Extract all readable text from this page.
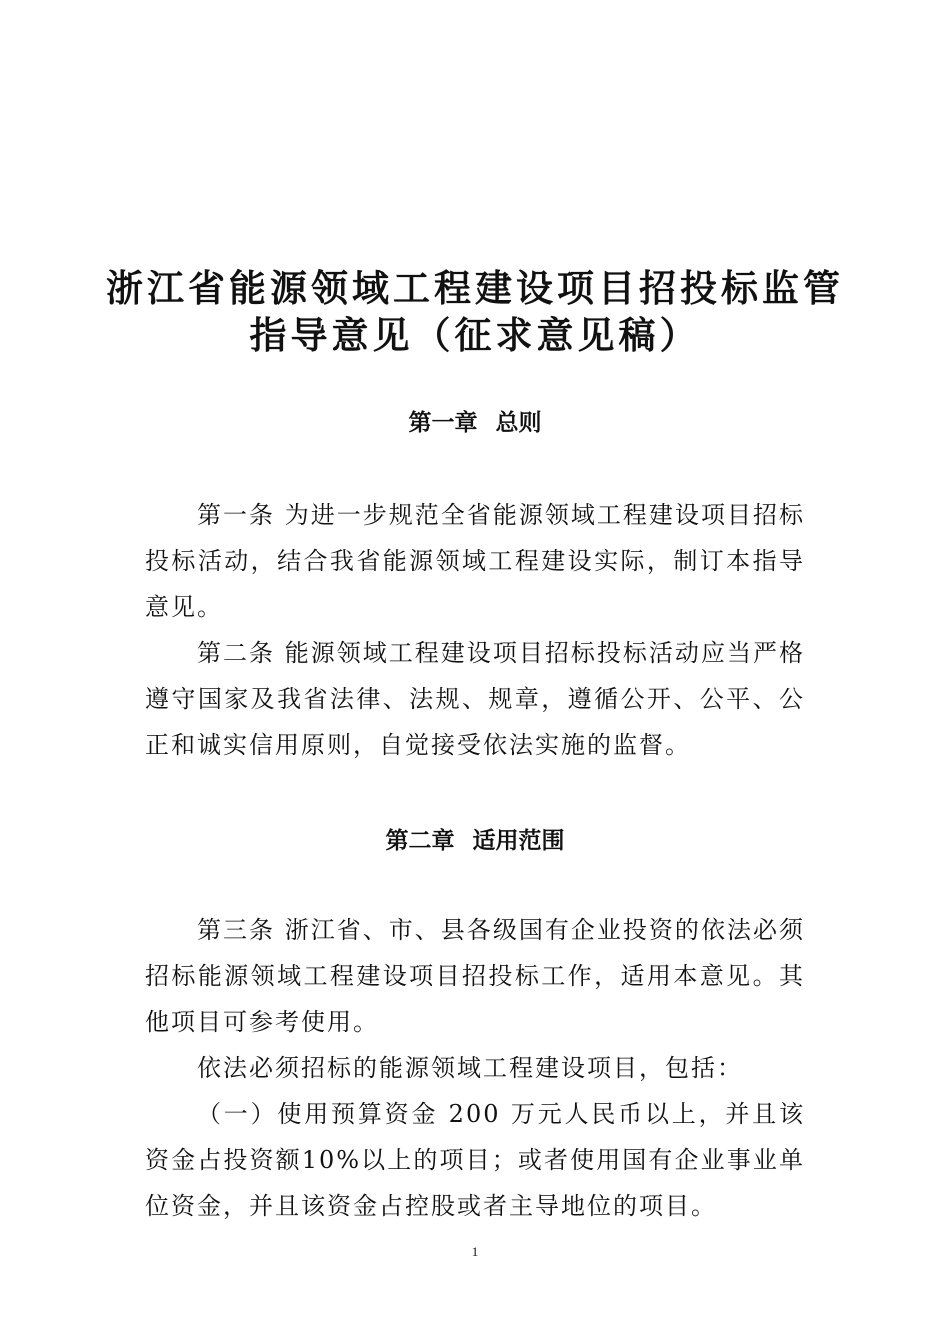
浙江省能源领域工程建设项目招投标监管
指导意见（征求意见稿）
第一章 总则
第一条 为进一步规范全省能源领域工程建设项目招标投标活动，结合我省能源领域工程建设实际，制订本指导意见。
第二条 能源领域工程建设项目招标投标活动应当严格遵守国家及我省法律、法规、规章，遵循公开、公平、公正和诚实信用原则，自觉接受依法实施的监督。
第二章 适用范围
第三条 浙江省、市、县各级国有企业投资的依法必须招标能源领域工程建设项目招投标工作，适用本意见。其他项目可参考使用。
依法必须招标的能源领域工程建设项目，包括：
（一）使用预算资金 200 万元人民币以上，并且该资金占投资额10%以上的项目；或者使用国有企业事业单位资金，并且该资金占控股或者主导地位的项目。
1
